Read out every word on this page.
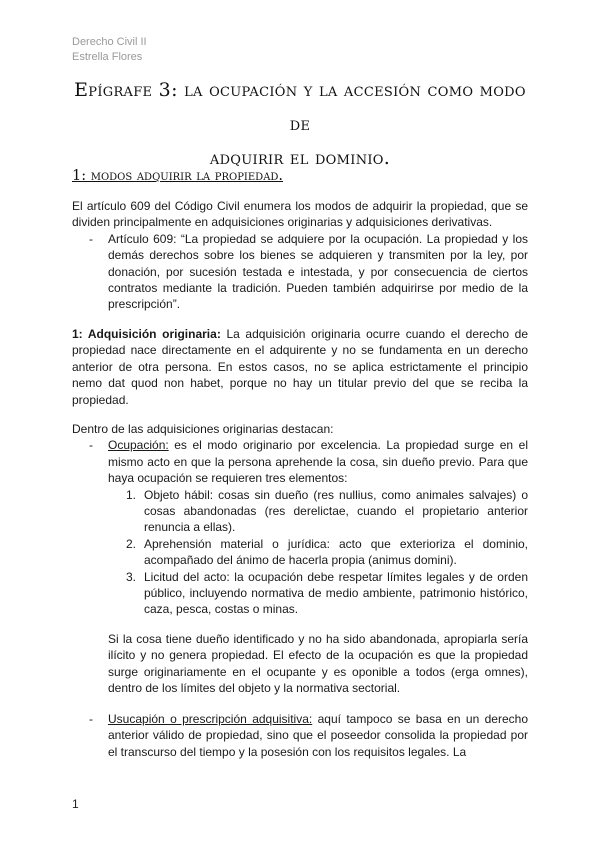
Derecho Civil II
Estrella Flores
Epígrafe 3: la ocupación y la accesión como modo de
adquirir el dominio.
1: modos adquirir la propiedad.

El artículo 609 del Código Civil enumera los modos de adquirir la propiedad, que se dividen principalmente en adquisiciones originarias y adquisiciones derivativas.

- Artículo 609: “La propiedad se adquiere por la ocupación. La propiedad y los demás derechos sobre los bienes se adquieren y transmiten por la ley, por donación, por sucesión testada e intestada, y por consecuencia de ciertos contratos mediante la tradición. Pueden también adquirirse por medio de la prescripción”.

1: Adquisición originaria: La adquisición originaria ocurre cuando el derecho de propiedad nace directamente en el adquirente y no se fundamenta en un derecho anterior de otra persona. En estos casos, no se aplica estrictamente el principio nemo dat quod non habet, porque no hay un titular previo del que se reciba la propiedad.

Dentro de las adquisiciones originarias destacan:

- Ocupación: es el modo originario por excelencia. La propiedad surge en el mismo acto en que la persona aprehende la cosa, sin dueño previo. Para que haya ocupación se requieren tres elementos:
1. Objeto hábil: cosas sin dueño (res nullius, como animales salvajes) o cosas abandonadas (res derelictae, cuando el propietario anterior renuncia a ellas).
2. Aprehensión material o jurídica: acto que exterioriza el dominio, acompañado del ánimo de hacerla propia (animus domini).
3. Licitud del acto: la ocupación debe respetar límites legales y de orden público, incluyendo normativa de medio ambiente, patrimonio histórico, caza, pesca, costas o minas.

Si la cosa tiene dueño identificado y no ha sido abandonada, apropiarla sería ilícito y no genera propiedad. El efecto de la ocupación es que la propiedad surge originariamente en el ocupante y es oponible a todos (erga omnes), dentro de los límites del objeto y la normativa sectorial.

- Usucapión o prescripción adquisitiva: aquí tampoco se basa en un derecho anterior válido de propiedad, sino que el poseedor consolida la propiedad por el transcurso del tiempo y la posesión con los requisitos legales. La
1
